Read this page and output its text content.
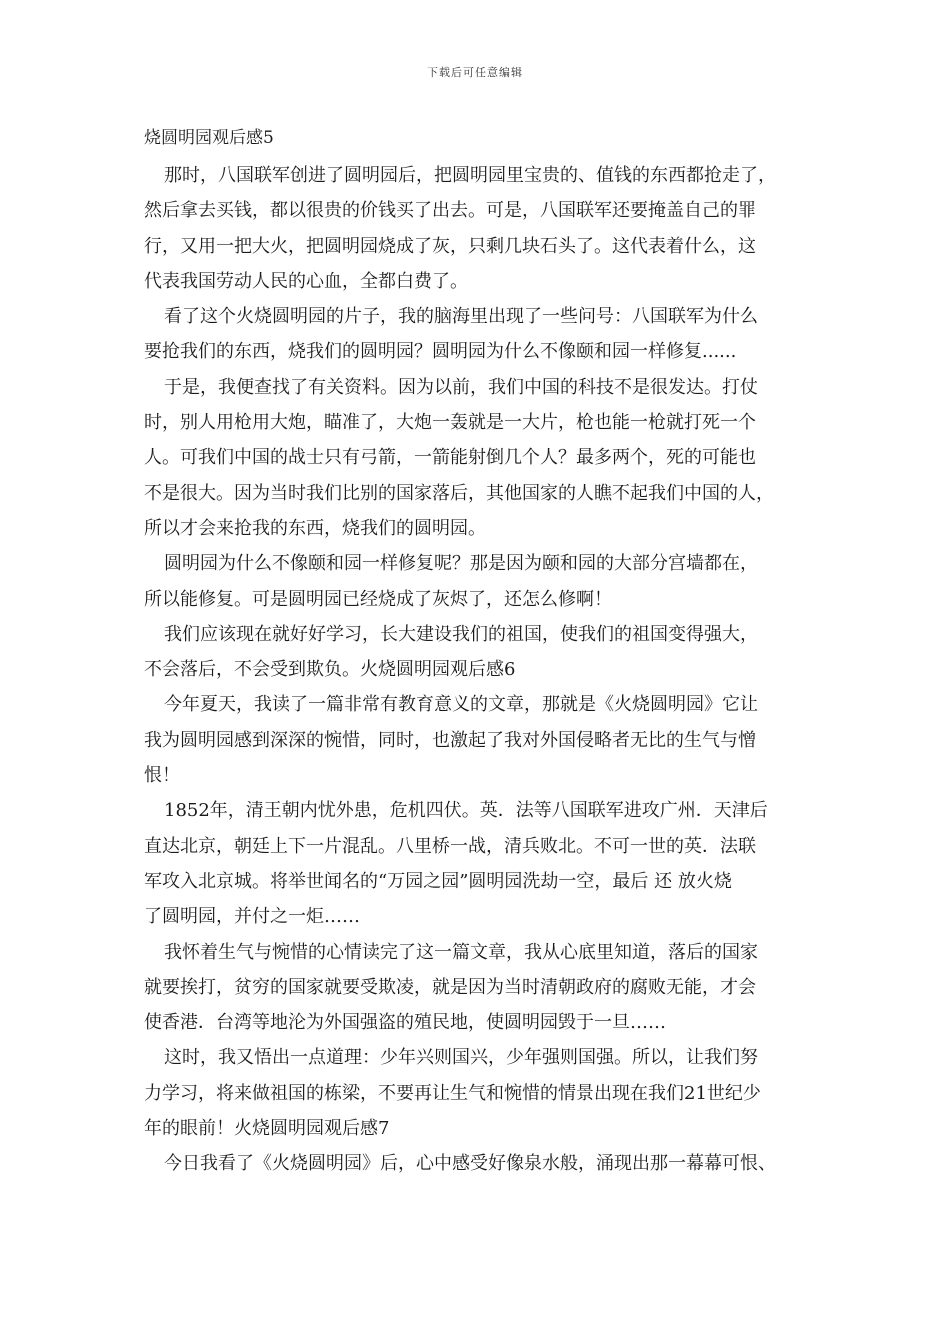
下载后可任意编辑

烧圆明园观后感5

那时，八国联军创进了圆明园后，把圆明园里宝贵的、值钱的东西都抢走了，

然后拿去买钱，都以很贵的价钱买了出去。可是，八国联军还要掩盖自己的罪

行，又用一把大火，把圆明园烧成了灰，只剩几块石头了。这代表着什么，这

代表我国劳动人民的心血，全都白费了。

看了这个火烧圆明园的片子，我的脑海里出现了一些问号：八国联军为什么

要抢我们的东西，烧我们的圆明园？圆明园为什么不像颐和园一样修复......

于是，我便查找了有关资料。因为以前，我们中国的科技不是很发达。打仗

时，别人用枪用大炮，瞄准了，大炮一轰就是一大片，枪也能一枪就打死一个

人。可我们中国的战士只有弓箭，一箭能射倒几个人？最多两个，死的可能也

不是很大。因为当时我们比别的国家落后，其他国家的人瞧不起我们中国的人，

所以才会来抢我的东西，烧我们的圆明园。

圆明园为什么不像颐和园一样修复呢？那是因为颐和园的大部分宫墙都在，

所以能修复。可是圆明园已经烧成了灰烬了，还怎么修啊！

我们应该现在就好好学习，长大建设我们的祖国，使我们的祖国变得强大，

不会落后，不会受到欺负。火烧圆明园观后感6

今年夏天，我读了一篇非常有教育意义的文章，那就是《火烧圆明园》它让

我为圆明园感到深深的惋惜，同时，也激起了我对外国侵略者无比的生气与憎

恨！

1852年，清王朝内忧外患，危机四伏。英．法等八国联军进攻广州．天津后

直达北京，朝廷上下一片混乱。八里桥一战，清兵败北。不可一世的英．法联

军攻入北京城。将举世闻名的“万园之园”圆明园洗劫一空，最后 还 放火烧

了圆明园，并付之一炬……

我怀着生气与惋惜的心情读完了这一篇文章，我从心底里知道，落后的国家

就要挨打，贫穷的国家就要受欺凌，就是因为当时清朝政府的腐败无能，才会

使香港．台湾等地沦为外国强盗的殖民地，使圆明园毁于一旦……

这时，我又悟出一点道理：少年兴则国兴，少年强则国强。所以，让我们努

力学习，将来做祖国的栋梁，不要再让生气和惋惜的情景出现在我们21世纪少

年的眼前！火烧圆明园观后感7

今日我看了《火烧圆明园》后，心中感受好像泉水般，涌现出那一幕幕可恨、
